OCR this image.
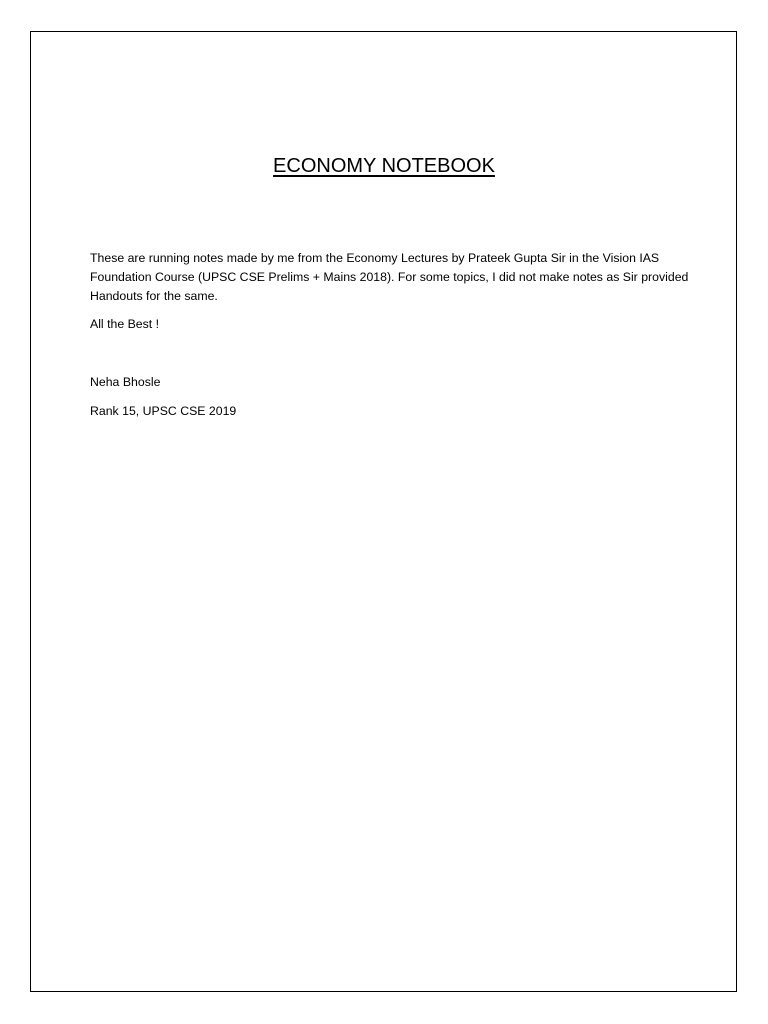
ECONOMY NOTEBOOK

These are running notes made by me from the Economy Lectures by Prateek Gupta Sir in the Vision IAS Foundation Course (UPSC CSE Prelims + Mains 2018). For some topics, I did not make notes as Sir provided Handouts for the same.

All the Best !

Neha Bhosle

Rank 15, UPSC CSE 2019
